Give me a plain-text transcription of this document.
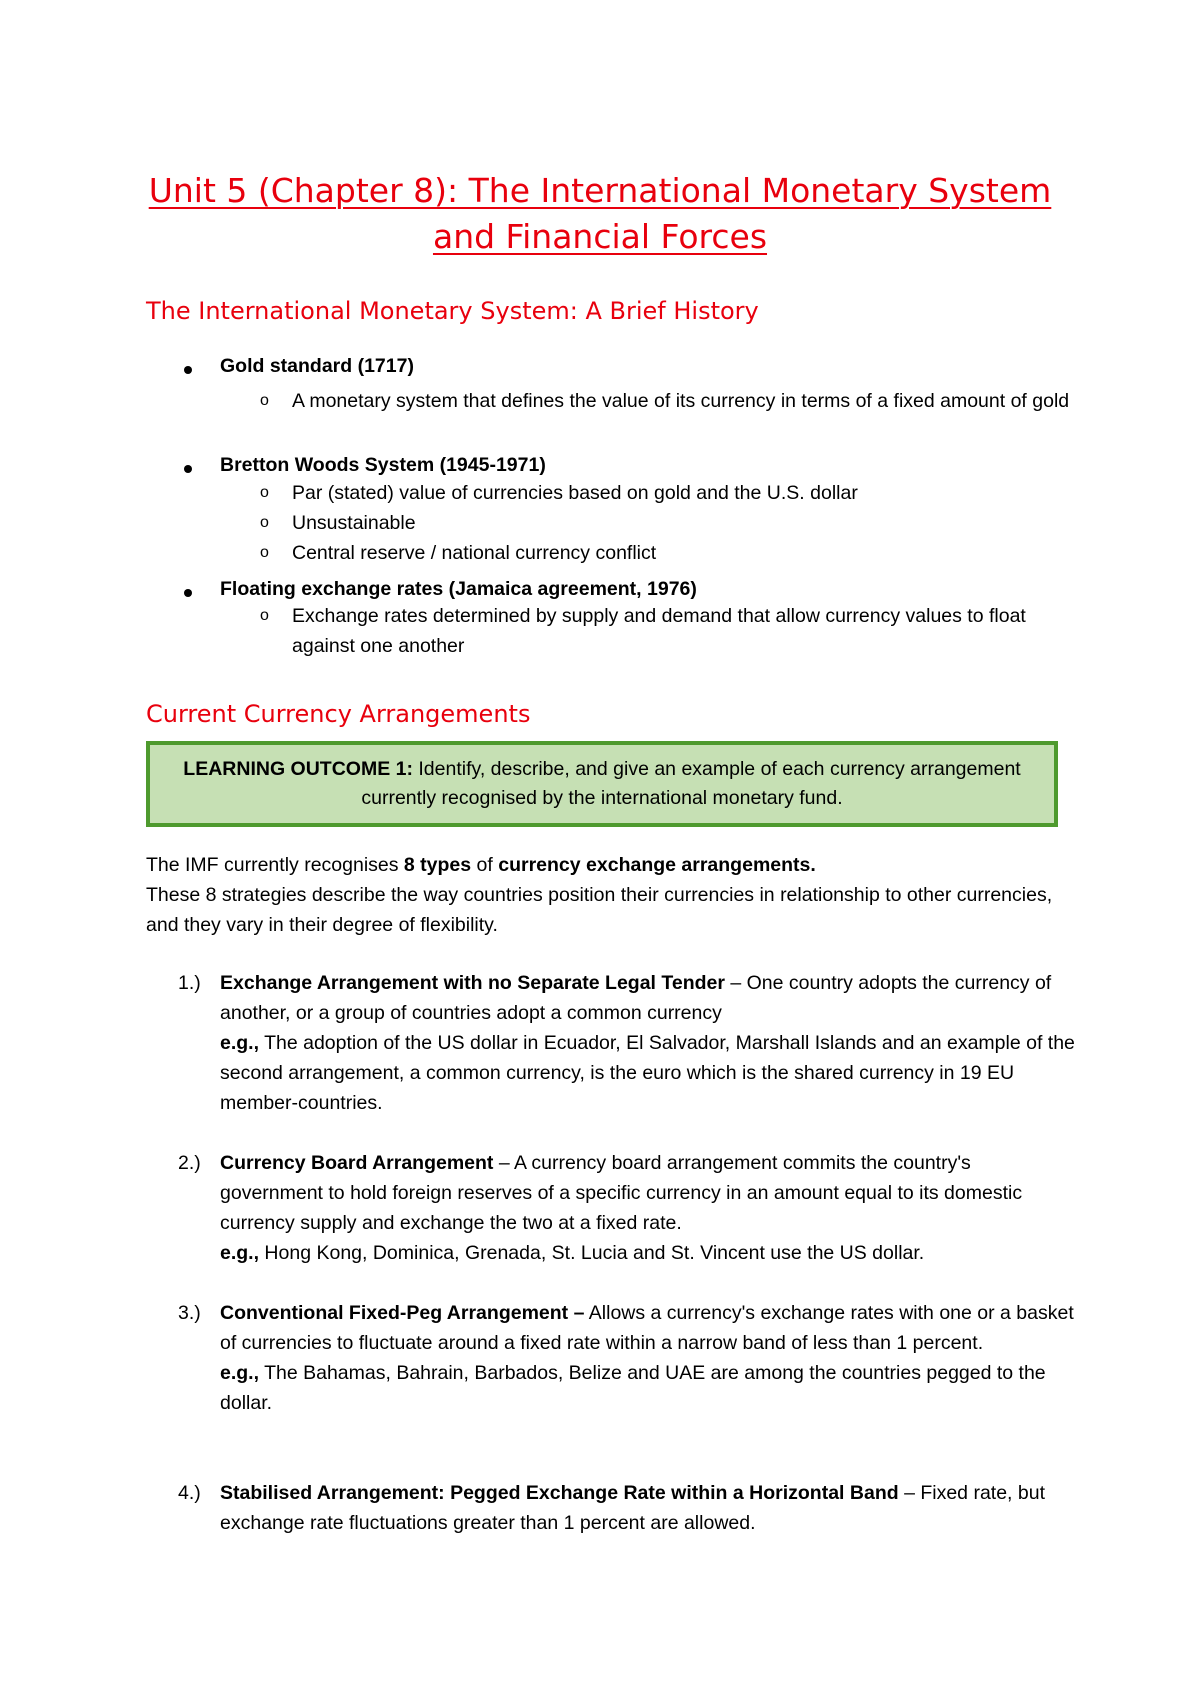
Unit 5 (Chapter 8): The International Monetary System and Financial Forces
The International Monetary System: A Brief History
Gold standard (1717)
o A monetary system that defines the value of its currency in terms of a fixed amount of gold
Bretton Woods System (1945-1971)
o Par (stated) value of currencies based on gold and the U.S. dollar
o Unsustainable
o Central reserve / national currency conflict
Floating exchange rates (Jamaica agreement, 1976)
o Exchange rates determined by supply and demand that allow currency values to float against one another
Current Currency Arrangements
LEARNING OUTCOME 1: Identify, describe, and give an example of each currency arrangement currently recognised by the international monetary fund.
The IMF currently recognises 8 types of currency exchange arrangements.
These 8 strategies describe the way countries position their currencies in relationship to other currencies, and they vary in their degree of flexibility.
1.) Exchange Arrangement with no Separate Legal Tender – One country adopts the currency of another, or a group of countries adopt a common currency
e.g., The adoption of the US dollar in Ecuador, El Salvador, Marshall Islands and an example of the second arrangement, a common currency, is the euro which is the shared currency in 19 EU member-countries.
2.) Currency Board Arrangement – A currency board arrangement commits the country's government to hold foreign reserves of a specific currency in an amount equal to its domestic currency supply and exchange the two at a fixed rate.
e.g., Hong Kong, Dominica, Grenada, St. Lucia and St. Vincent use the US dollar.
3.) Conventional Fixed-Peg Arrangement – Allows a currency's exchange rates with one or a basket of currencies to fluctuate around a fixed rate within a narrow band of less than 1 percent.
e.g., The Bahamas, Bahrain, Barbados, Belize and UAE are among the countries pegged to the dollar.
4.) Stabilised Arrangement: Pegged Exchange Rate within a Horizontal Band – Fixed rate, but exchange rate fluctuations greater than 1 percent are allowed.
